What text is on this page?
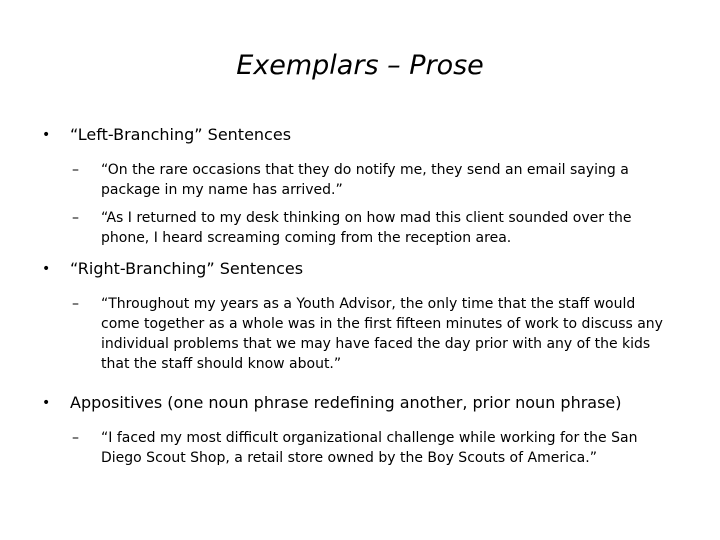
Exemplars – Prose
• “Left-Branching” Sentences
– “On the rare occasions that they do notify me, they send an email saying a package in my name has arrived.”
– “As I returned to my desk thinking on how mad this client sounded over the phone, I heard screaming coming from the reception area.
• “Right-Branching” Sentences
– “Throughout my years as a Youth Advisor, the only time that the staff would come together as a whole was in the first fifteen minutes of work to discuss any individual problems that we may have faced the day prior with any of the kids that the staff should know about.”
• Appositives (one noun phrase redefining another, prior noun phrase)
– “I faced my most difficult organizational challenge while working for the San Diego Scout Shop, a retail store owned by the Boy Scouts of America.”
